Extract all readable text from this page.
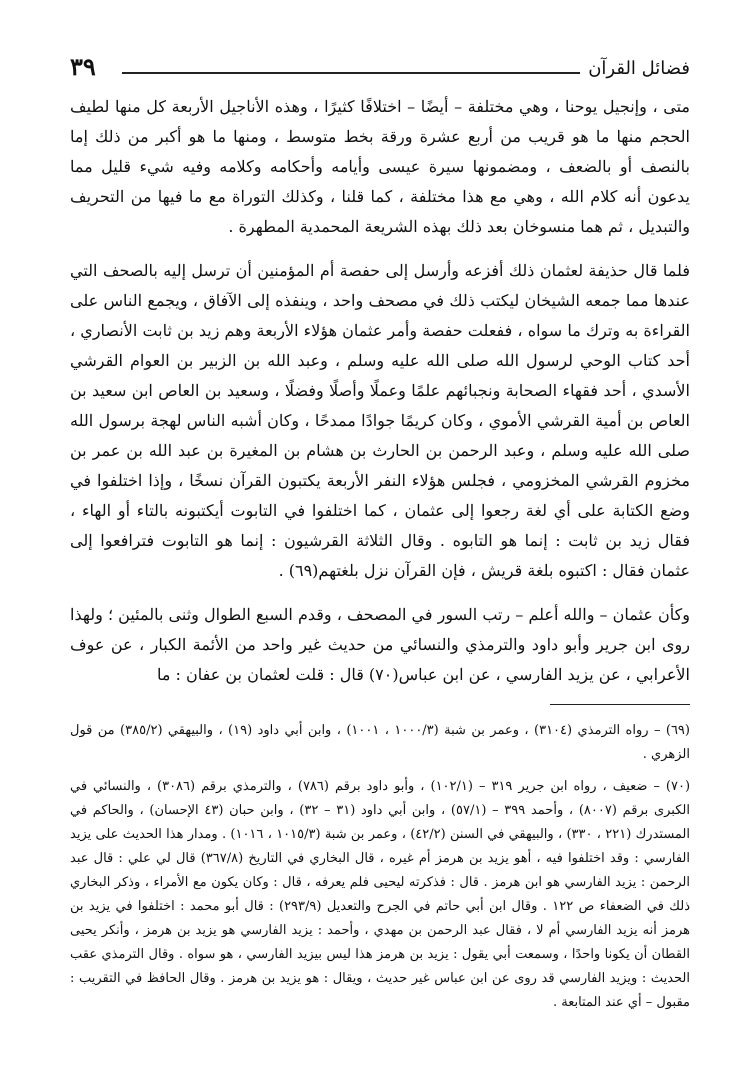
فضائل القرآن
٣٩

متى ، وإنجيل يوحنا ، وهي مختلفة – أيضًا – اختلافًا كثيرًا ، وهذه الأناجيل الأربعة كل منها لطيف الحجم منها ما هو قريب من أربع عشرة ورقة بخط متوسط ، ومنها ما هو أكبر من ذلك إما بالنصف أو بالضعف ، ومضمونها سيرة عيسى وأيامه وأحكامه وكلامه وفيه شيء قليل مما يدعون أنه كلام الله ، وهي مع هذا مختلفة ، كما قلنا ، وكذلك التوراة مع ما فيها من التحريف والتبديل ، ثم هما منسوخان بعد ذلك بهذه الشريعة المحمدية المطهرة .

فلما قال حذيفة لعثمان ذلك أفزعه وأرسل إلى حفصة أم المؤمنين أن ترسل إليه بالصحف التي عندها مما جمعه الشيخان ليكتب ذلك في مصحف واحد ، وينفذه إلى الآفاق ، ويجمع الناس على القراءة به وترك ما سواه ، ففعلت حفصة وأمر عثمان هؤلاء الأربعة وهم زيد بن ثابت الأنصاري ، أحد كتاب الوحي لرسول الله صلى الله عليه وسلم ، وعبد الله بن الزبير بن العوام القرشي الأسدي ، أحد فقهاء الصحابة ونجبائهم علمًا وعملًا وأصلًا وفضلًا ، وسعيد بن العاص ابن سعيد بن العاص بن أمية القرشي الأموي ، وكان كريمًا جوادًا ممدحًا ، وكان أشبه الناس لهجة برسول الله صلى الله عليه وسلم ، وعبد الرحمن بن الحارث بن هشام بن المغيرة بن عبد الله بن عمر بن مخزوم القرشي المخزومي ، فجلس هؤلاء النفر الأربعة يكتبون القرآن نسخًا ، وإذا اختلفوا في وضع الكتابة على أي لغة رجعوا إلى عثمان ، كما اختلفوا في التابوت أيكتبونه بالتاء أو الهاء ، فقال زيد بن ثابت : إنما هو التابوه . وقال الثلاثة القرشيون : إنما هو التابوت فترافعوا إلى عثمان فقال : اكتبوه بلغة قريش ، فإن القرآن نزل بلغتهم(٦٩) .

وكأن عثمان – والله أعلم – رتب السور في المصحف ، وقدم السبع الطوال وثنى بالمئين ؛ ولهذا روى ابن جرير وأبو داود والترمذي والنسائي من حديث غير واحد من الأئمة الكبار ، عن عوف الأعرابي ، عن يزيد الفارسي ، عن ابن عباس(٧٠) قال : قلت لعثمان بن عفان : ما

(٦٩) – رواه الترمذي (٣١٠٤) ، وعمر بن شبة (١٠٠٠/٣ ، ١٠٠١) ، وابن أبي داود (١٩) ، والبيهقي (٣٨٥/٢) من قول الزهري .

(٧٠) – ضعيف ، رواه ابن جرير ٣١٩ – (١٠٢/١) ، وأبو داود برقم (٧٨٦) ، والترمذي برقم (٣٠٨٦) ، والنسائي في الكبرى برقم (٨٠٠٧) ، وأحمد ٣٩٩ – (٥٧/١) ، وابن أبي داود (٣١ – ٣٢) ، وابن حبان (٤٣ الإحسان) ، والحاكم في المستدرك (٢٢١ ، ٣٣٠) ، والبيهقي في السنن (٤٢/٢) ، وعمر بن شبة (١٠١٥/٣ ، ١٠١٦) . ومدار هذا الحديث على يزيد الفارسي : وقد اختلفوا فيه ، أهو يزيد بن هرمز أم غيره ، قال البخاري في التاريخ (٣٦٧/٨) قال لي علي : قال عبد الرحمن : يزيد الفارسي هو ابن هرمز . قال : فذكرته ليحيى فلم يعرفه ، قال : وكان يكون مع الأمراء ، وذكر البخاري ذلك في الضعفاء ص ١٢٢ . وقال ابن أبي حاتم في الجرح والتعديل (٢٩٣/٩) : قال أبو محمد : اختلفوا في يزيد بن هرمز أنه يزيد الفارسي أم لا ، فقال عبد الرحمن بن مهدي ، وأحمد : يزيد الفارسي هو يزيد بن هرمز ، وأنكر يحيى القطان أن يكونا واحدًا ، وسمعت أبي يقول : يزيد بن هرمز هذا ليس بيزيد الفارسي ، هو سواه . وقال الترمذي عقب الحديث : ويزيد الفارسي قد روى عن ابن عباس غير حديث ، ويقال : هو يزيد بن هرمز . وقال الحافظ في التقريب : مقبول – أي عند المتابعة .
